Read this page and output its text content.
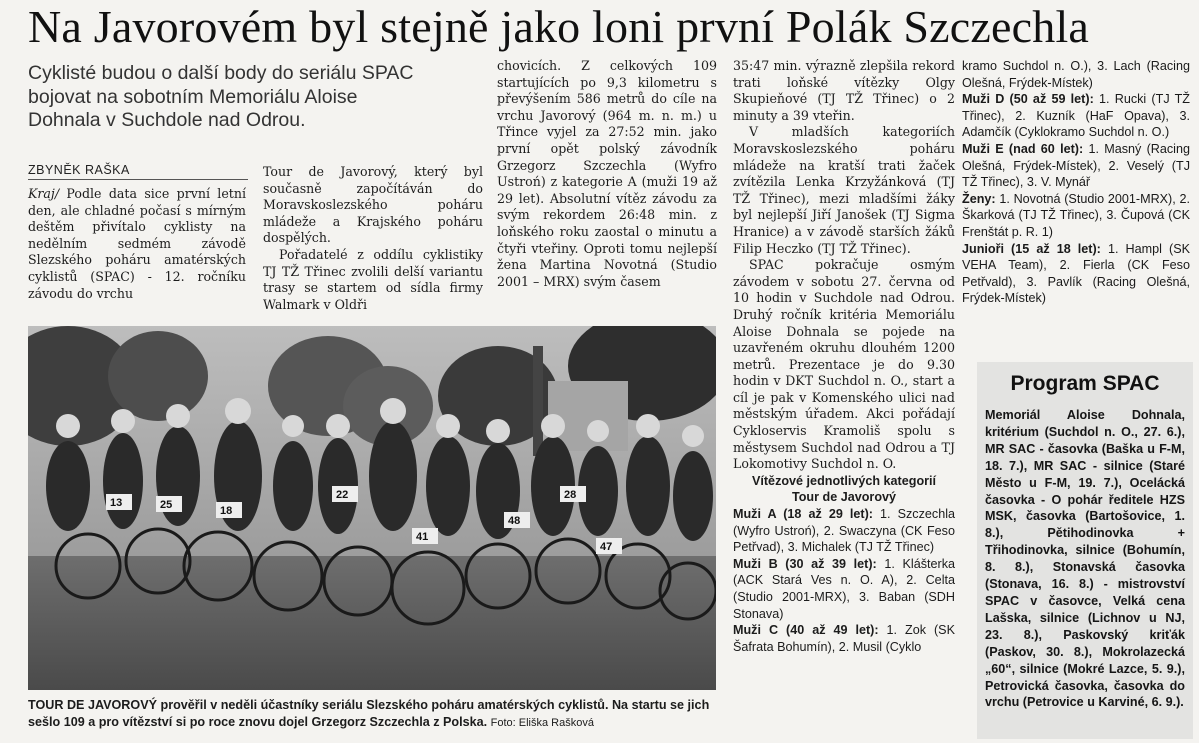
Na Javorovém byl stejně jako loni první Polák Szczechla
Cyklisté budou o další body do seriálu SPAC bojovat na sobotním Memoriálu Aloise Dohnala v Suchdole nad Odrou.
ZBYNĚK RAŠKA

Kraj/ Podle data sice první letní den, ale chladné počasí s mírným deštěm přivítalo cyklisty na nedělním sedmém závodě Slezského poháru amatérských cyklistů (SPAC) - 12. ročníku závodu do vrchu

Tour de Javorový, který byl současně započítáván do Moravskoslezského poháru mládeže a Krajského poháru dospělých.

Pořadatelé z oddílu cyklistiky TJ TŽ Třinec zvolili delší variantu trasy se startem od sídla firmy Walmark v Oldři

chovicích. Z celkových 109 startujících po 9,3 kilometru s převýšením 586 metrů do cíle na vrchu Javorový (964 m. n. m.) u Třince vyjel za 27:52 min. jako první opět polský závodník Grzegorz Szczechla (Wyfro Ustroń) z kategorie A (muži 19 až 29 let). Absolutní vítěz závodu za svým rekordem 26:48 min. z loňského roku zaostal o minutu a čtyři vteřiny. Oproti tomu nejlepší žena Martina Novotná (Studio 2001 – MRX) svým časem

35:47 min. výrazně zlepšila rekord trati loňské vítězky Olgy Skupieňové (TJ TŽ Třinec) o 2 minuty a 39 vteřin.

V mladších kategoriích Moravskoslezského poháru mládeže na kratší trati žaček zvítězila Lenka Krzyžánková (TJ TŽ Třinec), mezi mladšími žáky byl nejlepší Jiří Janošek (TJ Sigma Hranice) a v závodě starších žáků Filip Heczko (TJ TŽ Třinec).

SPAC pokračuje osmým závodem v sobotu 27. června od 10 hodin v Suchdole nad Odrou. Druhý ročník kritéria Memoriálu Aloise Dohnala se pojede na uzavřeném okruhu dlouhém 1200 metrů. Prezentace je do 9.30 hodin v DKT Suchdol n. O., start a cíl je pak v Komenského ulici nad městským úřadem. Akci pořádají Cykloservis Kramoliš spolu s městysem Suchdol nad Odrou a TJ Lokomotivy Suchdol n. O.

Vítězové jednotlivých kategorií

Tour de Javorový

Muži A (18 až 29 let): 1. Szczechla (Wyfro Ustroń), 2. Swaczyna (CK Feso Petřvad), 3. Michalek (TJ TŽ Třinec)

Muži B (30 až 39 let): 1. Klášterka (ACK Stará Ves n. O. A), 2. Celta (Studio 2001-MRX), 3. Baban (SDH Stonava)

Muži C (40 až 49 let): 1. Zok (SK Šafrata Bohumín), 2. Musil (Cyklo

kramo Suchdol n. O.), 3. Lach (Racing Olešná, Frýdek-Místek)

Muži D (50 až 59 let): 1. Rucki (TJ TŽ Třinec), 2. Kuzník (HaF Opava), 3. Adamčík (Cyklokramo Suchdol n. O.)

Muži E (nad 60 let): 1. Masný (Racing Olešná, Frýdek-Místek), 2. Veselý (TJ TŽ Třinec), 3. V. Mynář

Ženy: 1. Novotná (Studio 2001-MRX), 2. Škarková (TJ TŽ Třinec), 3. Čupová (CK Frenštát p. R. 1)

Junioři (15 až 18 let): 1. Hampl (SK VEHA Team), 2. Fierla (CK Feso Petřvald), 3. Pavlík (Racing Olešná, Frýdek-Místek)

25	18
22
41
48
47
13
28
TOUR DE JAVOROVÝ prověřil v neděli účastníky seriálu Slezského poháru amatérských cyklistů. Na startu se jich sešlo 109 a pro vítězství si po roce znovu dojel Grzegorz Szczechla z Polska. Foto: Eliška Rašková
Program SPAC
Memoriál Aloise Dohnala, kritérium (Suchdol n. O., 27. 6.), MR SAC - časovka (Baška u F-M, 18. 7.), MR SAC - silnice (Staré Město u F-M, 19. 7.), Ocelácká časovka - O pohár ředitele HZS MSK, časovka (Bartošovice, 1. 8.), Pětihodinovka + Třihodinovka, silnice (Bohumín, 8. 8.), Stonavská časovka (Stonava, 16. 8.) - mistrovství SPAC v časovce, Velká cena Lašska, silnice (Lichnov u NJ, 23. 8.), Paskovský kriťák (Paskov, 30. 8.), Mokrolazecká „60“, silnice (Mokré Lazce, 5. 9.), Petrovická časovka, časovka do vrchu (Petrovice u Karviné, 6. 9.).
